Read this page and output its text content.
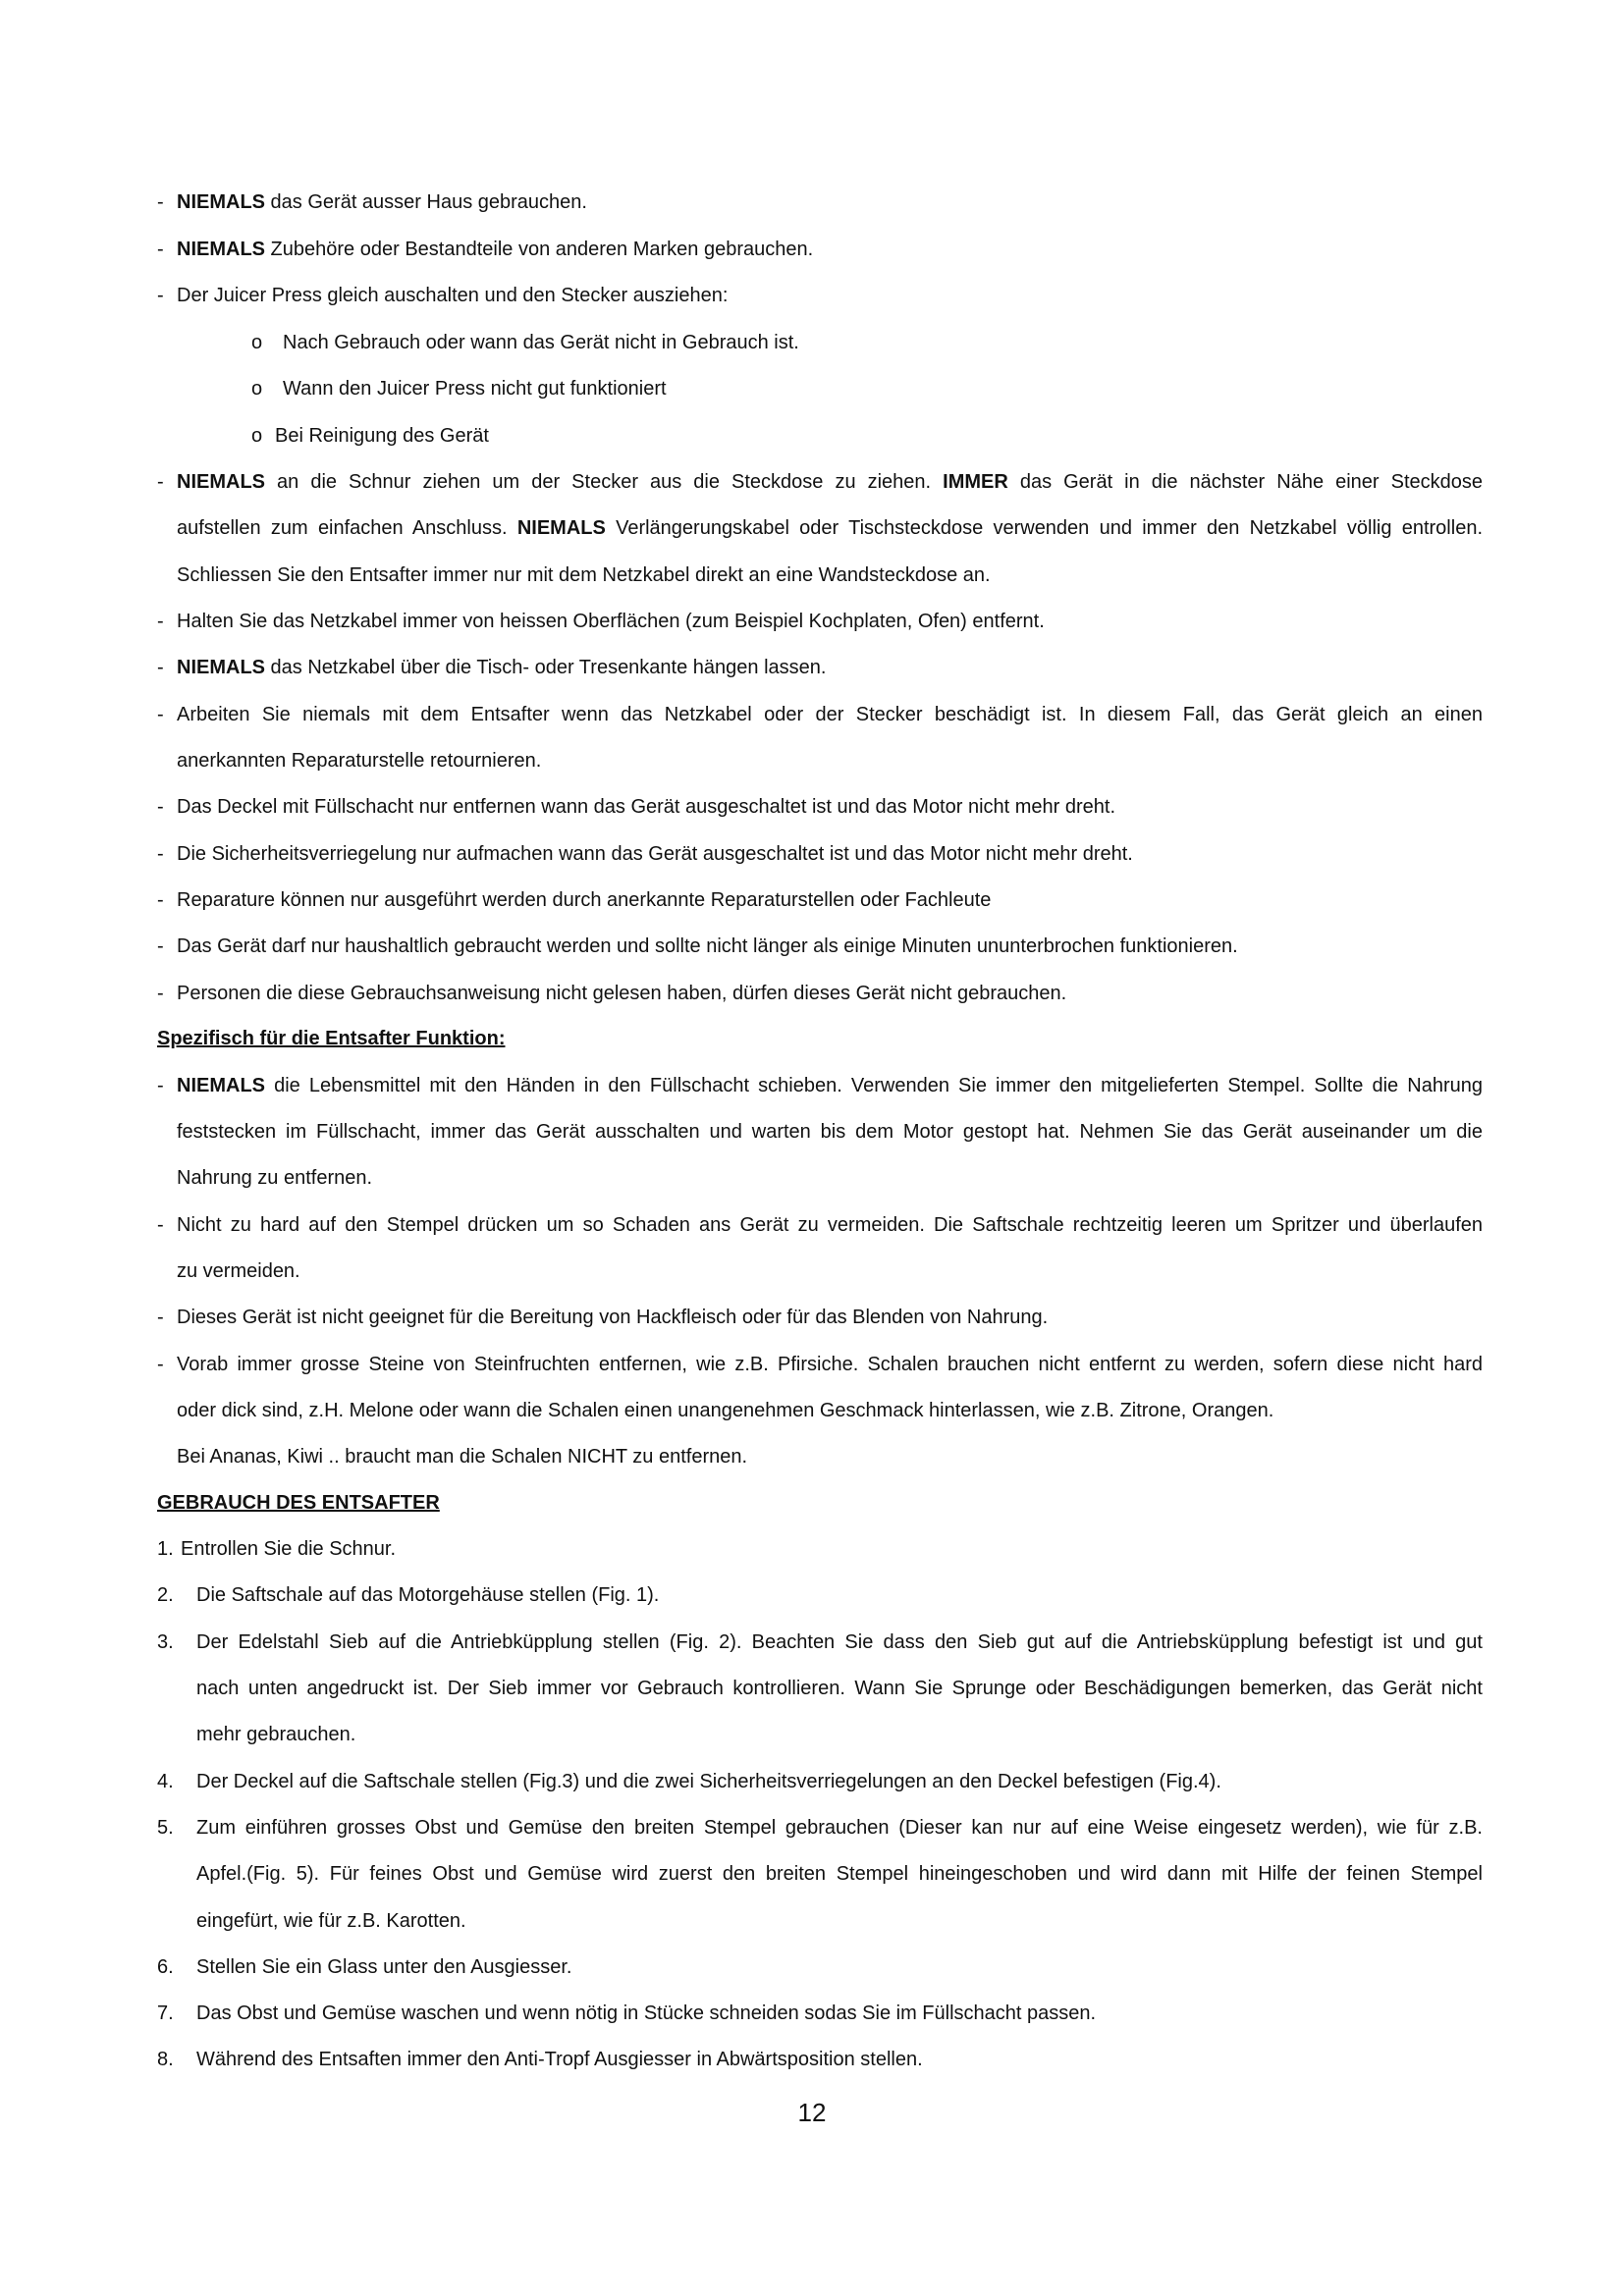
- NIEMALS das Gerät ausser Haus gebrauchen.
- NIEMALS Zubehöre oder Bestandteile von anderen Marken gebrauchen.
- Der Juicer Press gleich auschalten und den Stecker ausziehen:
o Nach Gebrauch oder wann das Gerät nicht in Gebrauch ist.
o Wann den Juicer Press nicht gut funktioniert
o Bei Reinigung des Gerät
- NIEMALS an die Schnur ziehen um der Stecker aus die Steckdose zu ziehen. IMMER das Gerät in die nächster Nähe einer Steckdose
aufstellen zum einfachen Anschluss. NIEMALS Verlängerungskabel oder Tischsteckdose verwenden und immer den Netzkabel völlig entrollen.
Schliessen Sie den Entsafter immer nur mit dem Netzkabel direkt an eine Wandsteckdose an.
- Halten Sie das Netzkabel immer von heissen Oberflächen (zum Beispiel Kochplaten, Ofen) entfernt.
- NIEMALS das Netzkabel über die Tisch- oder Tresenkante hängen lassen.
- Arbeiten Sie niemals mit dem Entsafter wenn das Netzkabel oder der Stecker beschädigt ist. In diesem Fall, das Gerät gleich an einen
anerkannten Reparaturstelle retournieren.
- Das Deckel mit Füllschacht nur entfernen wann das Gerät ausgeschaltet ist und das Motor nicht mehr dreht.
- Die Sicherheitsverriegelung nur aufmachen wann das Gerät ausgeschaltet ist und das Motor nicht mehr dreht.
- Reparature können nur ausgeführt werden durch anerkannte Reparaturstellen oder Fachleute
- Das Gerät darf nur haushaltlich gebraucht werden und sollte nicht länger als einige Minuten ununterbrochen funktionieren.
- Personen die diese Gebrauchsanweisung nicht gelesen haben, dürfen dieses Gerät nicht gebrauchen.
Spezifisch für die Entsafter Funktion:
- NIEMALS die Lebensmittel mit den Händen in den Füllschacht schieben. Verwenden Sie immer den mitgelieferten Stempel. Sollte die Nahrung
feststecken im Füllschacht, immer das Gerät ausschalten und warten bis dem Motor gestopt hat. Nehmen Sie das Gerät auseinander um die
Nahrung zu entfernen.
- Nicht zu hard auf den Stempel drücken um so Schaden ans Gerät zu vermeiden. Die Saftschale rechtzeitig leeren um Spritzer und überlaufen
zu vermeiden.
- Dieses Gerät ist nicht geeignet für die Bereitung von Hackfleisch oder für das Blenden von Nahrung.
- Vorab immer grosse Steine von Steinfruchten entfernen, wie z.B. Pfirsiche. Schalen brauchen nicht entfernt zu werden, sofern diese nicht hard
oder dick sind, z.H. Melone oder wann die Schalen einen unangenehmen Geschmack hinterlassen, wie z.B. Zitrone, Orangen.
Bei Ananas, Kiwi .. braucht man die Schalen NICHT zu entfernen.
GEBRAUCH DES ENTSAFTER
1. Entrollen Sie die Schnur.
2. Die Saftschale auf das Motorgehäuse stellen (Fig. 1).
3. Der Edelstahl Sieb auf die Antriebküpplung stellen (Fig. 2). Beachten Sie dass den Sieb gut auf die Antriebsküpplung befestigt ist und gut
nach unten angedruckt ist. Der Sieb immer vor Gebrauch kontrollieren. Wann Sie Sprunge oder Beschädigungen bemerken, das Gerät nicht
mehr gebrauchen.
4. Der Deckel auf die Saftschale stellen (Fig.3) und die zwei Sicherheitsverriegelungen an den Deckel befestigen (Fig.4).
5. Zum einführen grosses Obst und Gemüse den breiten Stempel gebrauchen (Dieser kan nur auf eine Weise eingesetz werden), wie für z.B.
Apfel.(Fig. 5). Für feines Obst und Gemüse wird zuerst den breiten Stempel hineingeschoben und wird dann mit Hilfe der feinen Stempel
eingefürt, wie für z.B. Karotten.
6. Stellen Sie ein Glass unter den Ausgiesser.
7. Das Obst und Gemüse waschen und wenn nötig in Stücke schneiden sodas Sie im Füllschacht passen.
8. Während des Entsaften immer den Anti-Tropf Ausgiesser in Abwärtsposition stellen.
12
